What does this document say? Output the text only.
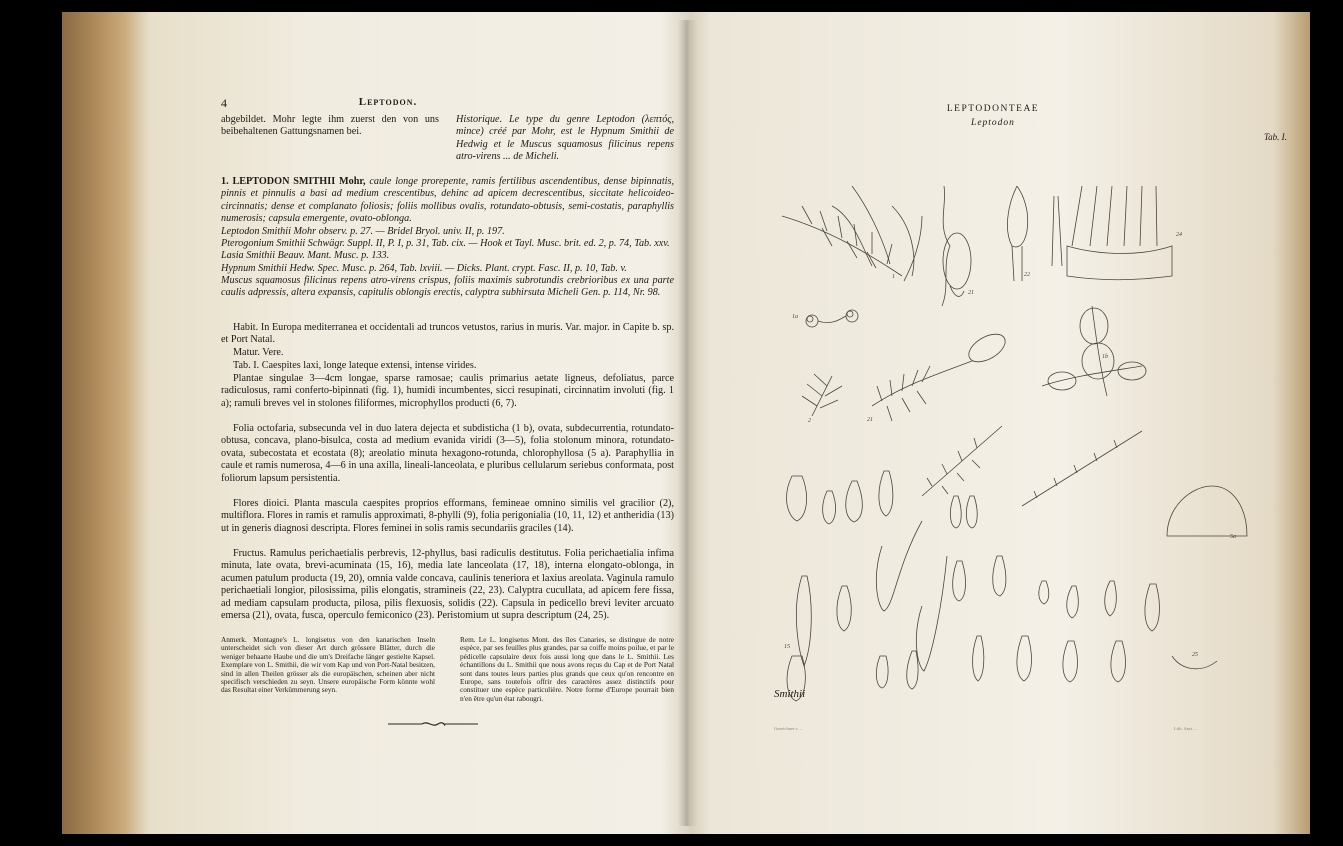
4	Leptodon.
abgebildet. Mohr legte ihm zuerst den von uns beibehaltenen Gattungsnamen bei.
Historique. Le type du genre Leptodon (λεπτός, mince) créé par Mohr, est le Hypnum Smithii de Hedwig et le Muscus squamosus filicinus repens atro-virens ... de Micheli.
1. LEPTODON SMITHII Mohr, caule longe prorepente, ramis fertilibus ascendentibus, dense bipinnatis, pinnis et pinnulis a basi ad medium crescentibus, dehinc ad apicem decrescentibus, siccitate helicoideo-circinnatis; dense et complanato foliosis; foliis mollibus ovalis, rotundato-obtusis, semi-costatis, paraphyllis numerosis; capsula emergente, ovato-oblonga.
Leptodon Smithii Mohr observ. p. 27. — Bridel Bryol. univ. II, p. 197.
Pterogonium Smithii Schwägr. Suppl. II, P. I, p. 31, Tab. cix. — Hook et Tayl. Musc. brit. ed. 2, p. 74, Tab. xxv.
Lasia Smithii Beauv. Mant. Musc. p. 133.
Hypnum Smithii Hedw. Spec. Musc. p. 264, Tab. lxviii. — Dicks. Plant. crypt. Fasc. II, p. 10, Tab. v.
Muscus squamosus filicinus repens atro-virens crispus, foliis maximis subrotundis crebrioribus ex una parte caulis adpressis, altera expansis, capitulis oblongis erectis, calyptra subhirsuta Micheli Gen. p. 114, Nr. 98.
Habit. In Europa mediterranea et occidentali ad truncos vetustos, rarius in muris. Var. major. in Capite b. sp. et Port Natal.
Matur. Vere.
Tab. I. Caespites laxi, longe lateque extensi, intense virides.
Plantae singulae 3—4cm longae, sparse ramosae; caulis primarius aetate ligneus, defoliatus, parce radiculosus, rami conferto-bipinnati (fig. 1), humidi incumbentes, sicci resupinati, circinnatim involuti (fig. 1 a); ramuli breves vel in stolones filiformes, microphyllos producti (6, 7).
Folia octofaria, subsecunda vel in duo latera dejecta et subdisticha (1 b), ovata, subdecurrentia, rotundato-obtusa, concava, plano-bisulca, costa ad medium evanida viridi (3—5), folia stolonum minora, rotundato-ovata, subecostata et ecostata (8); areolatio minuta hexagono-rotunda, chlorophyllosa (5 a). Paraphyllia in caule et ramis numerosa, 4—6 in una axilla, lineali-lanceolata, e pluribus cellularum seriebus conformata, post foliorum lapsum persistentia.
Flores dioici. Planta mascula caespites proprios efformans, femineae omnino similis vel gracilior (2), multiflora. Flores in ramis et ramulis approximati, 8-phylli (9), folia perigonialia (10, 11, 12) et antheridia (13) ut in generis diagnosi descripta. Flores feminei in solis ramis secundariis graciles (14).
Fructus. Ramulus perichaetialis perbrevis, 12-phyllus, basi radiculis destitutus. Folia perichaetialia infima minuta, late ovata, brevi-acuminata (15, 16), media late lanceolata (17, 18), interna elongato-oblonga, in acumen patulum producta (19, 20), omnia valde concava, caulinis teneriora et laxius areolata. Vaginula ramulo perichaetiali longior, pilosissima, pilis elongatis, stramineis (22, 23). Calyptra cucullata, ad apicem fere fissa, ad mediam capsulam producta, pilosa, pilis flexuosis, solidis (22). Capsula in pedicello brevi leviter arcuato emersa (21), ovata, fusca, operculo femiconico (23). Peristomium ut supra descriptum (24, 25).
Anmerk. Montagne's L. longisetus von den kanarischen Inseln unterscheidet sich von dieser Art durch grössere Blätter, durch die weniger behaarte Haube und die um's Dreifache länger gestielte Kapsel. Exemplare von L. Smithii, die wir vom Kap und von Port-Natal besitzen, sind in allen Theilen grösser als die europäischen, scheinen aber nicht specifisch verschieden zu seyn. Unsere europäische Form könnte wohl das Resultat einer Verkümmerung seyn.
Rem. Le L. longisetus Mont. des îles Canaries, se distingue de notre espèce, par ses feuilles plus grandes, par sa coiffe moins poilue, et par le pédicelle capsulaire deux fois aussi long que dans le L. Smithii. Les échantillons du L. Smithii que nous avons reçus du Cap et de Port Natal sont dans toutes leurs parties plus grands que ceux qu'on rencontre en Europe, sans toutefois offrir des caractères assez distinctifs pour constituer une espèce particulière. Notre forme d'Europe pourrait bien n'en être qu'un état rabougri.
LEPTODONTEAE
Leptodon
Tab. I.
1
21
22
24
1a
2	21
1b
5a
15
25
Smithii
Gezeichnet v. ...	Lith. Anst. ...
